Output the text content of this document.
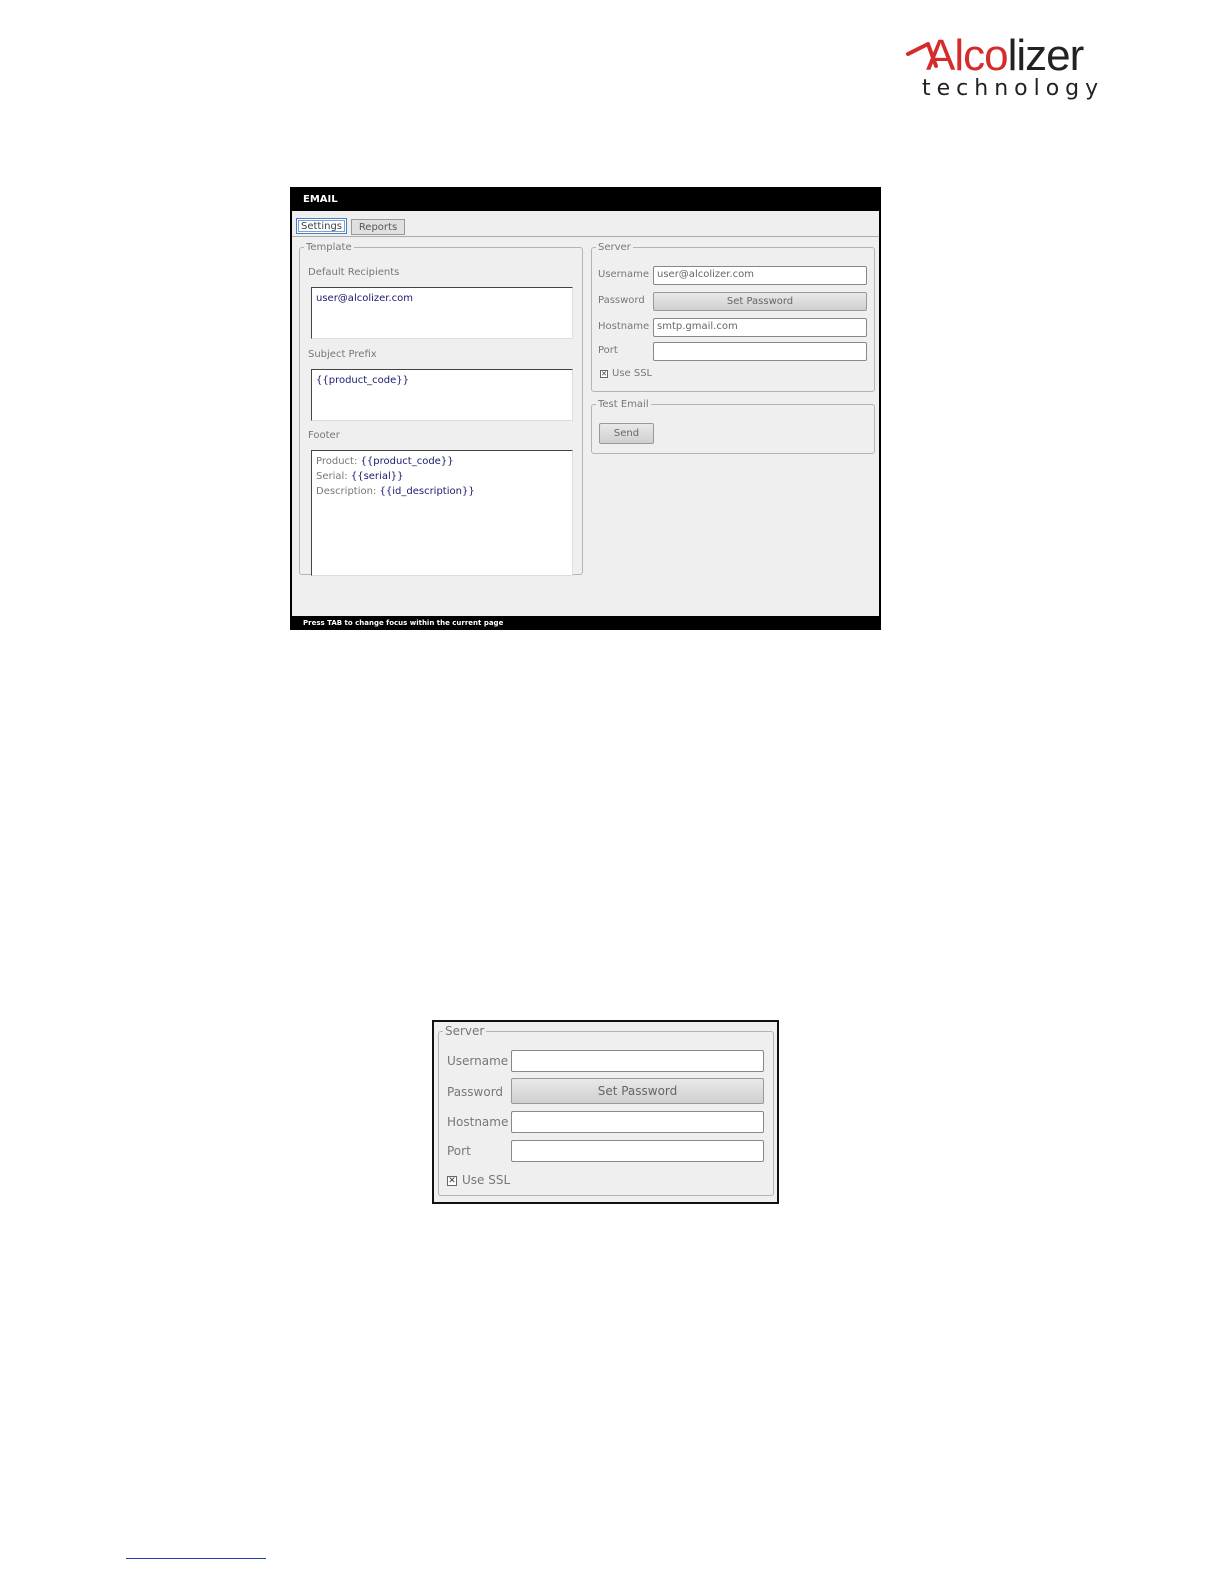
Alcolizer
technology
EMAIL
Settings	Reports
Template
Default Recipients
user@alcolizer.com
Subject Prefix
{{product_code}}
Footer
Product: {{product_code}}
Serial: {{serial}}
Description: {{id_description}}
Server
Username user@alcolizer.com
Password	Set Password
Hostname smtp.gmail.com
Port
✕ Use SSL
Test Email
Send
Press TAB to change focus within the current page
Server
Username
Password	Set Password
Hostname
Port
✕ Use SSL
